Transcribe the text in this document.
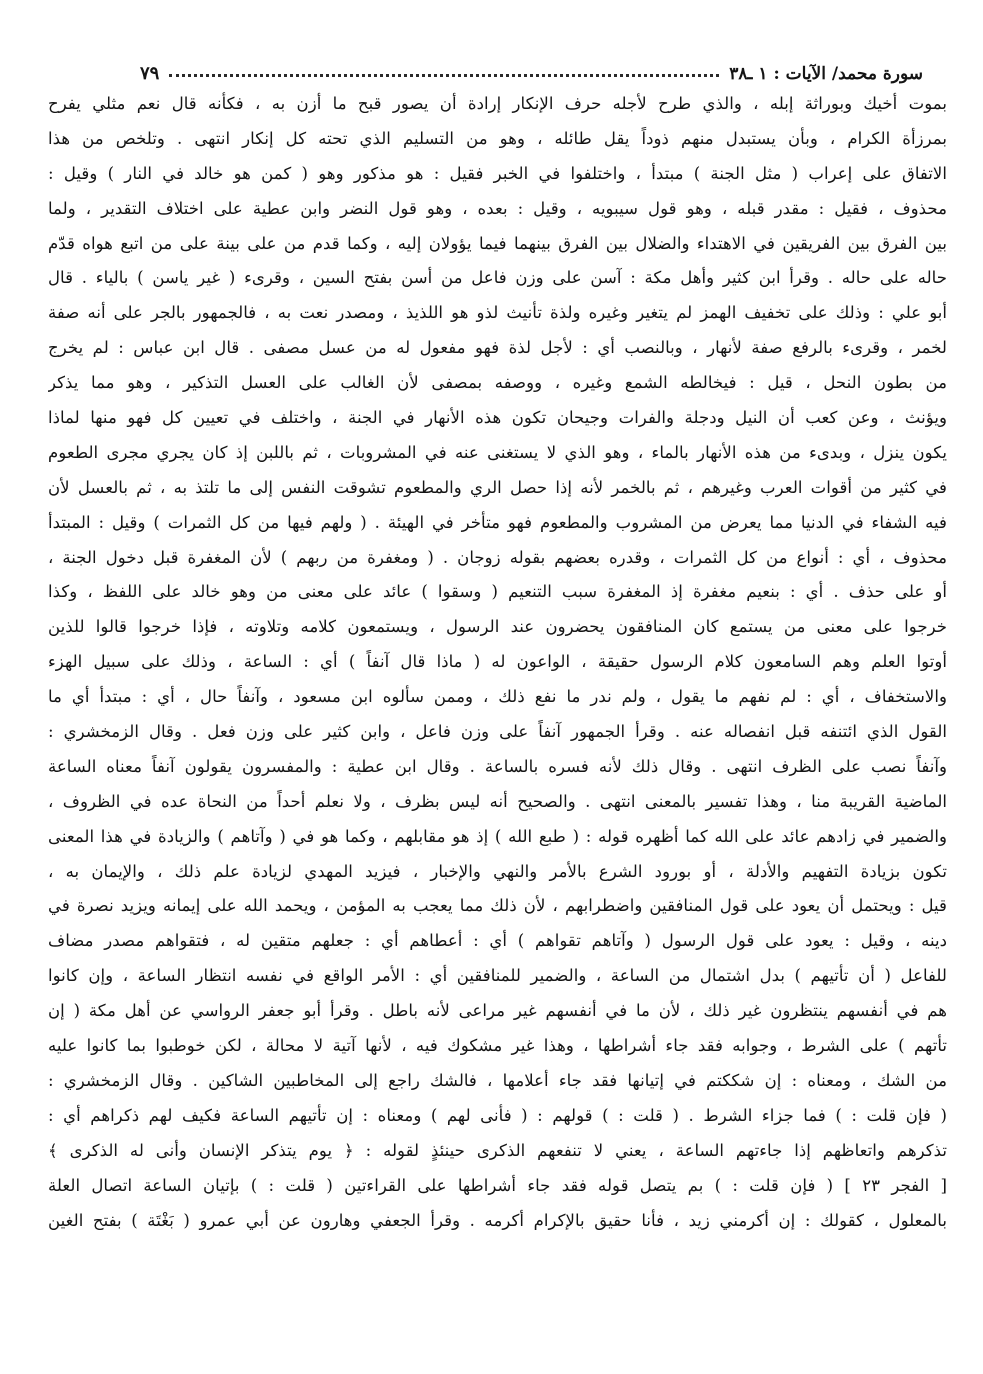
سورة محمد/ الآيات : ١ ـ٣٨
٧٩
بموت أخيك وبوراثة إبله ، والذي طرح لأجله حرف الإنكار إرادة أن يصور قبح ما أزن به ، فكأنه قال نعم مثلي يفرح
بمرزأة الكرام ، وبأن يستبدل منهم ذوداً يقل طائله ، وهو من التسليم الذي تحته كل إنكار انتهى . وتلخص من هذا
الاتفاق على إعراب ( مثل الجنة ) مبتدأ ، واختلفوا في الخبر فقيل : هو مذكور وهو ( كمن هو خالد في النار ) وقيل :
محذوف ، فقيل : مقدر قبله ، وهو قول سيبويه ، وقيل : بعده ، وهو قول النضر وابن عطية على اختلاف التقدير ، ولما
بين الفرق بين الفريقين في الاهتداء والضلال بين الفرق بينهما فيما يؤولان إليه ، وكما قدم من على بينة على من اتبع هواه قدّم
حاله على حاله . وقرأ ابن كثير وأهل مكة : آسن على وزن فاعل من أسن بفتح السين ، وقرىء ( غير ياسن ) بالياء . قال
أبو علي : وذلك على تخفيف الهمز لم يتغير وغيره ولذة تأنيث لذو هو اللذيذ ، ومصدر نعت به ، فالجمهور بالجر على أنه صفة
لخمر ، وقرىء بالرفع صفة لأنهار ، وبالنصب أي : لأجل لذة فهو مفعول له من عسل مصفى . قال ابن عباس : لم يخرج
من بطون النحل ، قيل : فيخالطه الشمع وغيره ، ووصفه بمصفى لأن الغالب على العسل التذكير ، وهو مما يذكر
ويؤنث ، وعن كعب أن النيل ودجلة والفرات وجيحان تكون هذه الأنهار في الجنة ، واختلف في تعيين كل فهو منها لماذا
يكون ينزل ، وبدىء من هذه الأنهار بالماء ، وهو الذي لا يستغنى عنه في المشروبات ، ثم باللبن إذ كان يجري مجرى الطعوم
في كثير من أقوات العرب وغيرهم ، ثم بالخمر لأنه إذا حصل الري والمطعوم تشوقت النفس إلى ما تلتذ به ، ثم بالعسل لأن
فيه الشفاء في الدنيا مما يعرض من المشروب والمطعوم فهو متأخر في الهيئة . ( ولهم فيها من كل الثمرات ) وقيل : المبتدأ
محذوف ، أي : أنواع من كل الثمرات ، وقدره بعضهم بقوله زوجان . ( ومغفرة من ربهم ) لأن المغفرة قبل دخول الجنة ،
أو على حذف . أي : بنعيم مغفرة إذ المغفرة سبب التنعيم ( وسقوا ) عائد على معنى من وهو خالد على اللفظ ، وكذا
خرجوا على معنى من يستمع كان المنافقون يحضرون عند الرسول ، ويستمعون كلامه وتلاوته ، فإذا خرجوا قالوا للذين
أوتوا العلم وهم السامعون كلام الرسول حقيقة ، الواعون له ( ماذا قال آنفاً ) أي : الساعة ، وذلك على سبيل الهزء
والاستخفاف ، أي : لم نفهم ما يقول ، ولم ندر ما نفع ذلك ، وممن سألوه ابن مسعود ، وآنفاً حال ، أي : مبتدأ أي ما
القول الذي ائتنفه قبل انفصاله عنه . وقرأ الجمهور آنفاً على وزن فاعل ، وابن كثير على وزن فعل . وقال الزمخشري :
وآنفاً نصب على الظرف انتهى . وقال ذلك لأنه فسره بالساعة . وقال ابن عطية : والمفسرون يقولون آنفاً معناه الساعة
الماضية القريبة منا ، وهذا تفسير بالمعنى انتهى . والصحيح أنه ليس بظرف ، ولا نعلم أحداً من النحاة عده في الظروف ،
والضمير في زادهم عائد على الله كما أظهره قوله : ( طبع الله ) إذ هو مقابلهم ، وكما هو في ( وآتاهم ) والزيادة في هذا المعنى
تكون بزيادة التفهيم والأدلة ، أو بورود الشرع بالأمر والنهي والإخبار ، فيزيد المهدي لزيادة علم ذلك ، والإيمان به ،
قيل : ويحتمل أن يعود على قول المنافقين واضطرابهم ، لأن ذلك مما يعجب به المؤمن ، ويحمد الله على إيمانه ويزيد نصرة في
دينه ، وقيل : يعود على قول الرسول ( وآتاهم تقواهم ) أي : أعطاهم أي : جعلهم متقين له ، فتقواهم مصدر مضاف
للفاعل ( أن تأتيهم ) بدل اشتمال من الساعة ، والضمير للمنافقين أي : الأمر الواقع في نفسه انتظار الساعة ، وإن كانوا
هم في أنفسهم ينتظرون غير ذلك ، لأن ما في أنفسهم غير مراعى لأنه باطل . وقرأ أبو جعفر الرواسي عن أهل مكة ( إن
تأتهم ) على الشرط ، وجوابه فقد جاء أشراطها ، وهذا غير مشكوك فيه ، لأنها آتية لا محالة ، لكن خوطبوا بما كانوا عليه
من الشك ، ومعناه : إن شككتم في إتيانها فقد جاء أعلامها ، فالشك راجع إلى المخاطبين الشاكين . وقال الزمخشري :
( فإن قلت : ) فما جزاء الشرط . ( قلت : ) قولهم : ( فأنى لهم ) ومعناه : إن تأتيهم الساعة فكيف لهم ذكراهم أي :
تذكرهم واتعاظهم إذا جاءتهم الساعة ، يعني لا تنفعهم الذكرى حينئذٍ لقوله : ﴿ يوم يتذكر الإنسان وأنى له الذكرى ﴾
[ الفجر ٢٣ ] ( فإن قلت : ) بم يتصل قوله فقد جاء أشراطها على القراءتين ( قلت : ) بإتيان الساعة اتصال العلة
بالمعلول ، كقولك : إن أكرمني زيد ، فأنا حقيق بالإكرام أكرمه . وقرأ الجعفي وهارون عن أبي عمرو ( بَغْتَة ) بفتح الغين
